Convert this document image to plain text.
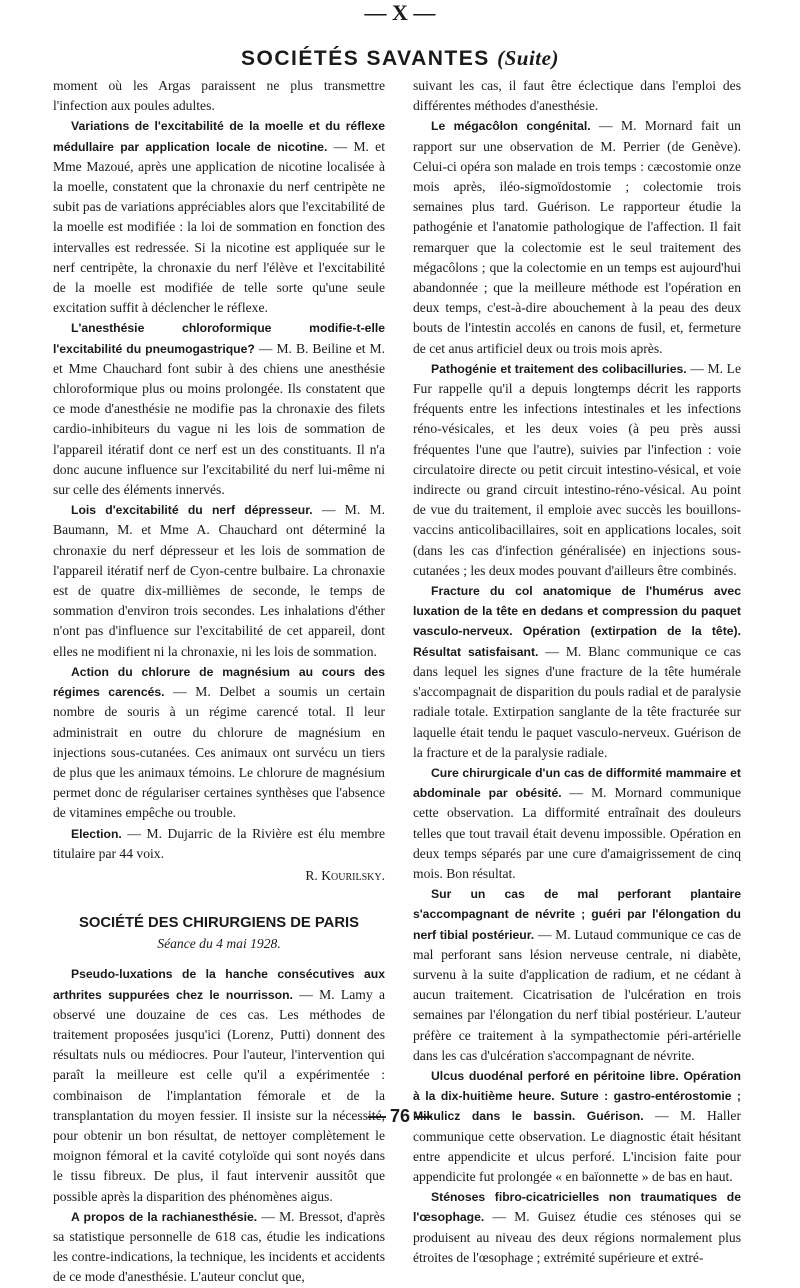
— X —
SOCIÉTÉS SAVANTES (Suite)

moment où les Argas paraissent ne plus transmettre l'infection aux poules adultes.

Variations de l'excitabilité de la moelle et du réflexe médullaire par application locale de nicotine. — M. et Mme Mazoué, après une application de nicotine localisée à la moelle, constatent que la chronaxie du nerf centripète ne subit pas de variations appréciables alors que l'excitabilité de la moelle est modifiée : la loi de sommation en fonction des intervalles est redressée. Si la nicotine est appliquée sur le nerf centripète, la chronaxie du nerf l'élève et l'excitabilité de la moelle est modifiée de telle sorte qu'une seule excitation suffit à déclencher le réflexe.

L'anesthésie chloroformique modifie-t-elle l'excitabilité du pneumogastrique? — M. B. Beiline et M. et Mme Chauchard font subir à des chiens une anesthésie chloroformique plus ou moins prolongée. Ils constatent que ce mode d'anesthésie ne modifie pas la chronaxie des filets cardio-inhibiteurs du vague ni les lois de sommation de l'appareil itératif dont ce nerf est un des constituants. Il n'a donc aucune influence sur l'excitabilité du nerf lui-même ni sur celle des éléments innervés.

Lois d'excitabilité du nerf dépresseur. — M. M. Baumann, M. et Mme A. Chauchard ont déterminé la chronaxie du nerf dépresseur et les lois de sommation de l'appareil itératif nerf de Cyon-centre bulbaire. La chronaxie est de quatre dix-millièmes de seconde, le temps de sommation d'environ trois secondes. Les inhalations d'éther n'ont pas d'influence sur l'excitabilité de cet appareil, dont elles ne modifient ni la chronaxie, ni les lois de sommation.

Action du chlorure de magnésium au cours des régimes carencés. — M. Delbet a soumis un certain nombre de souris à un régime carencé total. Il leur administrait en outre du chlorure de magnésium en injections sous-cutanées. Ces animaux ont survécu un tiers de plus que les animaux témoins. Le chlorure de magnésium permet donc de régulariser certaines synthèses que l'absence de vitamines empêche ou trouble.

Election. — M. Dujarric de la Rivière est élu membre titulaire par 44 voix.

R. Kourilsky.

SOCIÉTÉ DES CHIRURGIENS DE PARIS
Séance du 4 mai 1928.

Pseudo-luxations de la hanche consécutives aux arthrites suppurées chez le nourrisson. — M. Lamy a observé une douzaine de ces cas. Les méthodes de traitement proposées jusqu'ici (Lorenz, Putti) donnent des résultats nuls ou médiocres. Pour l'auteur, l'intervention qui paraît la meilleure est celle qu'il a expérimentée : combinaison de l'implantation fémorale et de la transplantation du moyen fessier. Il insiste sur la nécessité, pour obtenir un bon résultat, de nettoyer complètement le moignon fémoral et la cavité cotyloïde qui sont noyés dans le tissu fibreux. De plus, il faut intervenir aussitôt que possible après la disparition des phénomènes aigus.

A propos de la rachianesthésie. — M. Bressot, d'après sa statistique personnelle de 618 cas, étudie les indications les contre-indications, la technique, les incidents et accidents de ce mode d'anesthésie. L'auteur conclut que,

suivant les cas, il faut être éclectique dans l'emploi des différentes méthodes d'anesthésie.

Le mégacôlon congénital. — M. Mornard fait un rapport sur une observation de M. Perrier (de Genève). Celui-ci opéra son malade en trois temps : cæcostomie onze mois après, iléo-sigmoïdostomie ; colectomie trois semaines plus tard. Guérison. Le rapporteur étudie la pathogénie et l'anatomie pathologique de l'affection. Il fait remarquer que la colectomie est le seul traitement des mégacôlons ; que la colectomie en un temps est aujourd'hui abandonnée ; que la meilleure méthode est l'opération en deux temps, c'est-à-dire abouchement à la peau des deux bouts de l'intestin accolés en canons de fusil, et, fermeture de cet anus artificiel deux ou trois mois après.

Pathogénie et traitement des colibacilluries. — M. Le Fur rappelle qu'il a depuis longtemps décrit les rapports fréquents entre les infections intestinales et les infections réno-vésicales, et les deux voies (à peu près aussi fréquentes l'une que l'autre), suivies par l'infection : voie circulatoire directe ou petit circuit intestino-vésical, et voie indirecte ou grand circuit intestino-réno-vésical. Au point de vue du traitement, il emploie avec succès les bouillons-vaccins anticolibacillaires, soit en applications locales, soit (dans les cas d'infection généralisée) en injections sous-cutanées ; les deux modes pouvant d'ailleurs être combinés.

Fracture du col anatomique de l'humérus avec luxation de la tête en dedans et compression du paquet vasculo-nerveux. Opération (extirpation de la tête). Résultat satisfaisant. — M. Blanc communique ce cas dans lequel les signes d'une fracture de la tête humérale s'accompagnait de disparition du pouls radial et de paralysie radiale totale. Extirpation sanglante de la tête fracturée sur laquelle était tendu le paquet vasculo-nerveux. Guérison de la fracture et de la paralysie radiale.

Cure chirurgicale d'un cas de difformité mammaire et abdominale par obésité. — M. Mornard communique cette observation. La difformité entraînait des douleurs telles que tout travail était devenu impossible. Opération en deux temps séparés par une cure d'amaigrissement de cinq mois. Bon résultat.

Sur un cas de mal perforant plantaire s'accompagnant de névrite ; guéri par l'élongation du nerf tibial postérieur. — M. Lutaud communique ce cas de mal perforant sans lésion nerveuse centrale, ni diabète, survenu à la suite d'application de radium, et ne cédant à aucun traitement. Cicatrisation de l'ulcération en trois semaines par l'élongation du nerf tibial postérieur. L'auteur préfère ce traitement à la sympathectomie péri-artérielle dans les cas d'ulcération s'accompagnant de névrite.

Ulcus duodénal perforé en péritoine libre. Opération à la dix-huitième heure. Suture : gastro-entérostomie ; Mikulicz dans le bassin. Guérison. — M. Haller communique cette observation. Le diagnostic était hésitant entre appendicite et ulcus perforé. L'incision faite pour appendicite fut prolongée « en baïonnette » de bas en haut.

Sténoses fibro-cicatricielles non traumatiques de l'œsophage. — M. Guisez étudie ces sténoses qui se produisent au niveau des deux régions normalement plus étroites de l'œsophage ; extrémité supérieure et extré-

— 76 —
